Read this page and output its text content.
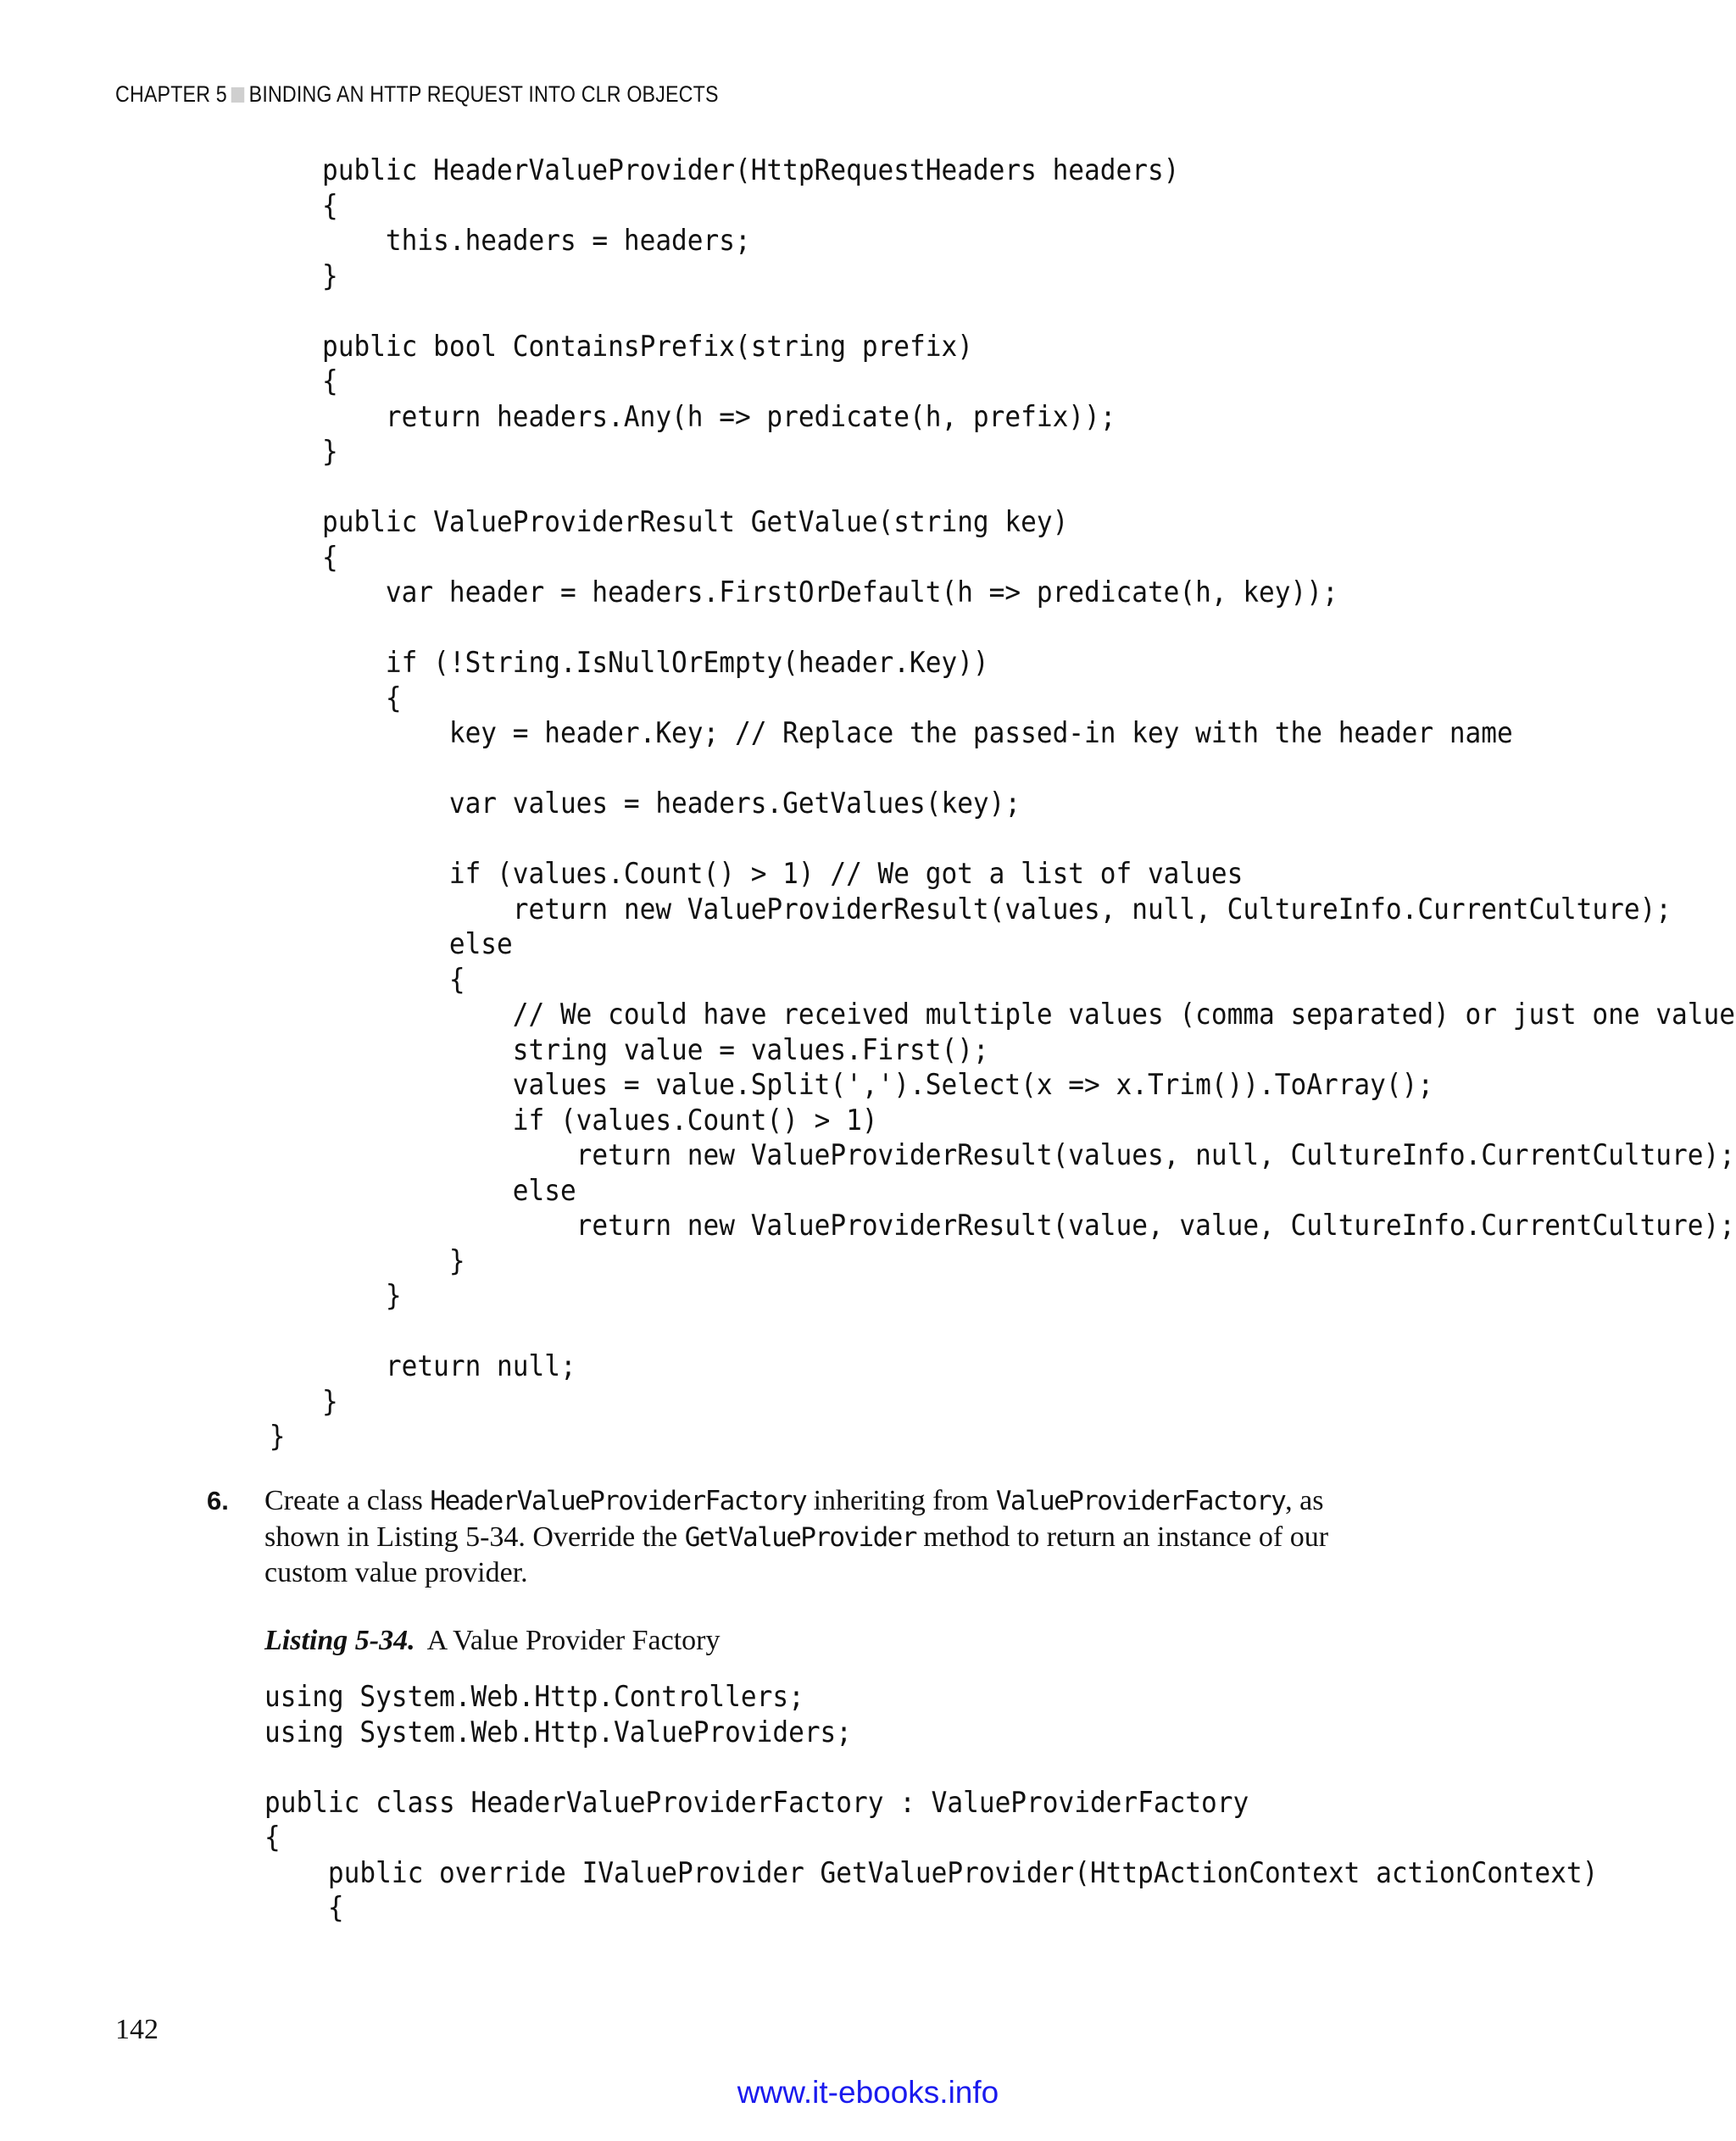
CHAPTER 5 BINDING AN HTTP REQUEST INTO CLR OBJECTS
public HeaderValueProvider(HttpRequestHeaders headers)
{
this.headers = headers;
}
public bool ContainsPrefix(string prefix)
{
return headers.Any(h => predicate(h, prefix));
}
public ValueProviderResult GetValue(string key)
{
var header = headers.FirstOrDefault(h => predicate(h, key));
if (!String.IsNullOrEmpty(header.Key))
{
key = header.Key; // Replace the passed-in key with the header name
var values = headers.GetValues(key);
if (values.Count() > 1) // We got a list of values
return new ValueProviderResult(values, null, CultureInfo.CurrentCulture);
else
{
// We could have received multiple values (comma separated) or just one value
string value = values.First();
values = value.Split(',').Select(x => x.Trim()).ToArray();
if (values.Count() > 1)
return new ValueProviderResult(values, null, CultureInfo.CurrentCulture);
else
return new ValueProviderResult(value, value, CultureInfo.CurrentCulture);
}
}
return null;
}
}
6. Create a class HeaderValueProviderFactory inheriting from ValueProviderFactory, as shown in Listing 5-34. Override the GetValueProvider method to return an instance of our custom value provider.
Listing 5-34. A Value Provider Factory
using System.Web.Http.Controllers;
using System.Web.Http.ValueProviders;
public class HeaderValueProviderFactory : ValueProviderFactory
{
public override IValueProvider GetValueProvider(HttpActionContext actionContext)
{
142
www.it-ebooks.info
